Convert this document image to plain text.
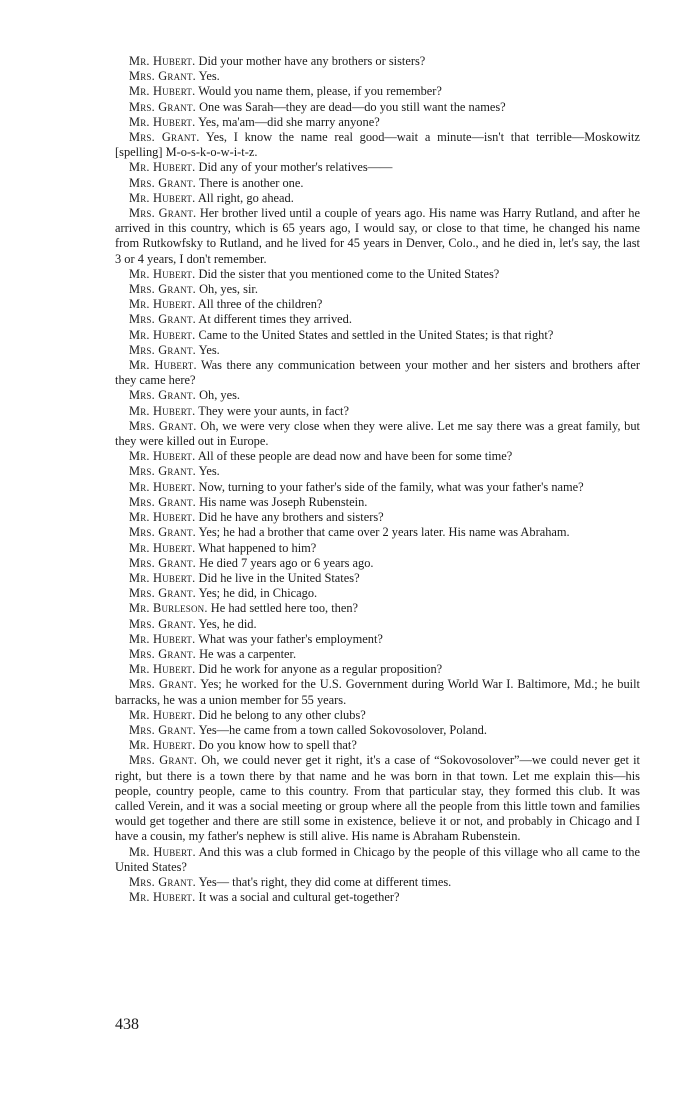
Mr. Hubert. Did your mother have any brothers or sisters?

Mrs. Grant. Yes.

Mr. Hubert. Would you name them, please, if you remember?

Mrs. Grant. One was Sarah—they are dead—do you still want the names?

Mr. Hubert. Yes, ma'am—did she marry anyone?

Mrs. Grant. Yes, I know the name real good—wait a minute—isn't that terrible—Moskowitz [spelling] M-o-s-k-o-w-i-t-z.

Mr. Hubert. Did any of your mother's relatives——

Mrs. Grant. There is another one.

Mr. Hubert. All right, go ahead.

Mrs. Grant. Her brother lived until a couple of years ago. His name was Harry Rutland, and after he arrived in this country, which is 65 years ago, I would say, or close to that time, he changed his name from Rutkowfsky to Rutland, and he lived for 45 years in Denver, Colo., and he died in, let's say, the last 3 or 4 years, I don't remember.

Mr. Hubert. Did the sister that you mentioned come to the United States?

Mrs. Grant. Oh, yes, sir.

Mr. Hubert. All three of the children?

Mrs. Grant. At different times they arrived.

Mr. Hubert. Came to the United States and settled in the United States; is that right?

Mrs. Grant. Yes.

Mr. Hubert. Was there any communication between your mother and her sisters and brothers after they came here?

Mrs. Grant. Oh, yes.

Mr. Hubert. They were your aunts, in fact?

Mrs. Grant. Oh, we were very close when they were alive. Let me say there was a great family, but they were killed out in Europe.

Mr. Hubert. All of these people are dead now and have been for some time?

Mrs. Grant. Yes.

Mr. Hubert. Now, turning to your father's side of the family, what was your father's name?

Mrs. Grant. His name was Joseph Rubenstein.

Mr. Hubert. Did he have any brothers and sisters?

Mrs. Grant. Yes; he had a brother that came over 2 years later. His name was Abraham.

Mr. Hubert. What happened to him?

Mrs. Grant. He died 7 years ago or 6 years ago.

Mr. Hubert. Did he live in the United States?

Mrs. Grant. Yes; he did, in Chicago.

Mr. Burleson. He had settled here too, then?

Mrs. Grant. Yes, he did.

Mr. Hubert. What was your father's employment?

Mrs. Grant. He was a carpenter.

Mr. Hubert. Did he work for anyone as a regular proposition?

Mrs. Grant. Yes; he worked for the U.S. Government during World War I. Baltimore, Md.; he built barracks, he was a union member for 55 years.

Mr. Hubert. Did he belong to any other clubs?

Mrs. Grant. Yes—he came from a town called Sokovosolover, Poland.

Mr. Hubert. Do you know how to spell that?

Mrs. Grant. Oh, we could never get it right, it's a case of “Sokovosolover”—we could never get it right, but there is a town there by that name and he was born in that town. Let me explain this—his people, country people, came to this country. From that particular stay, they formed this club. It was called Verein, and it was a social meeting or group where all the people from this little town and families would get together and there are still some in existence, believe it or not, and probably in Chicago and I have a cousin, my father's nephew is still alive. His name is Abraham Rubenstein.

Mr. Hubert. And this was a club formed in Chicago by the people of this village who all came to the United States?

Mrs. Grant. Yes— that's right, they did come at different times.

Mr. Hubert. It was a social and cultural get-together?

438
